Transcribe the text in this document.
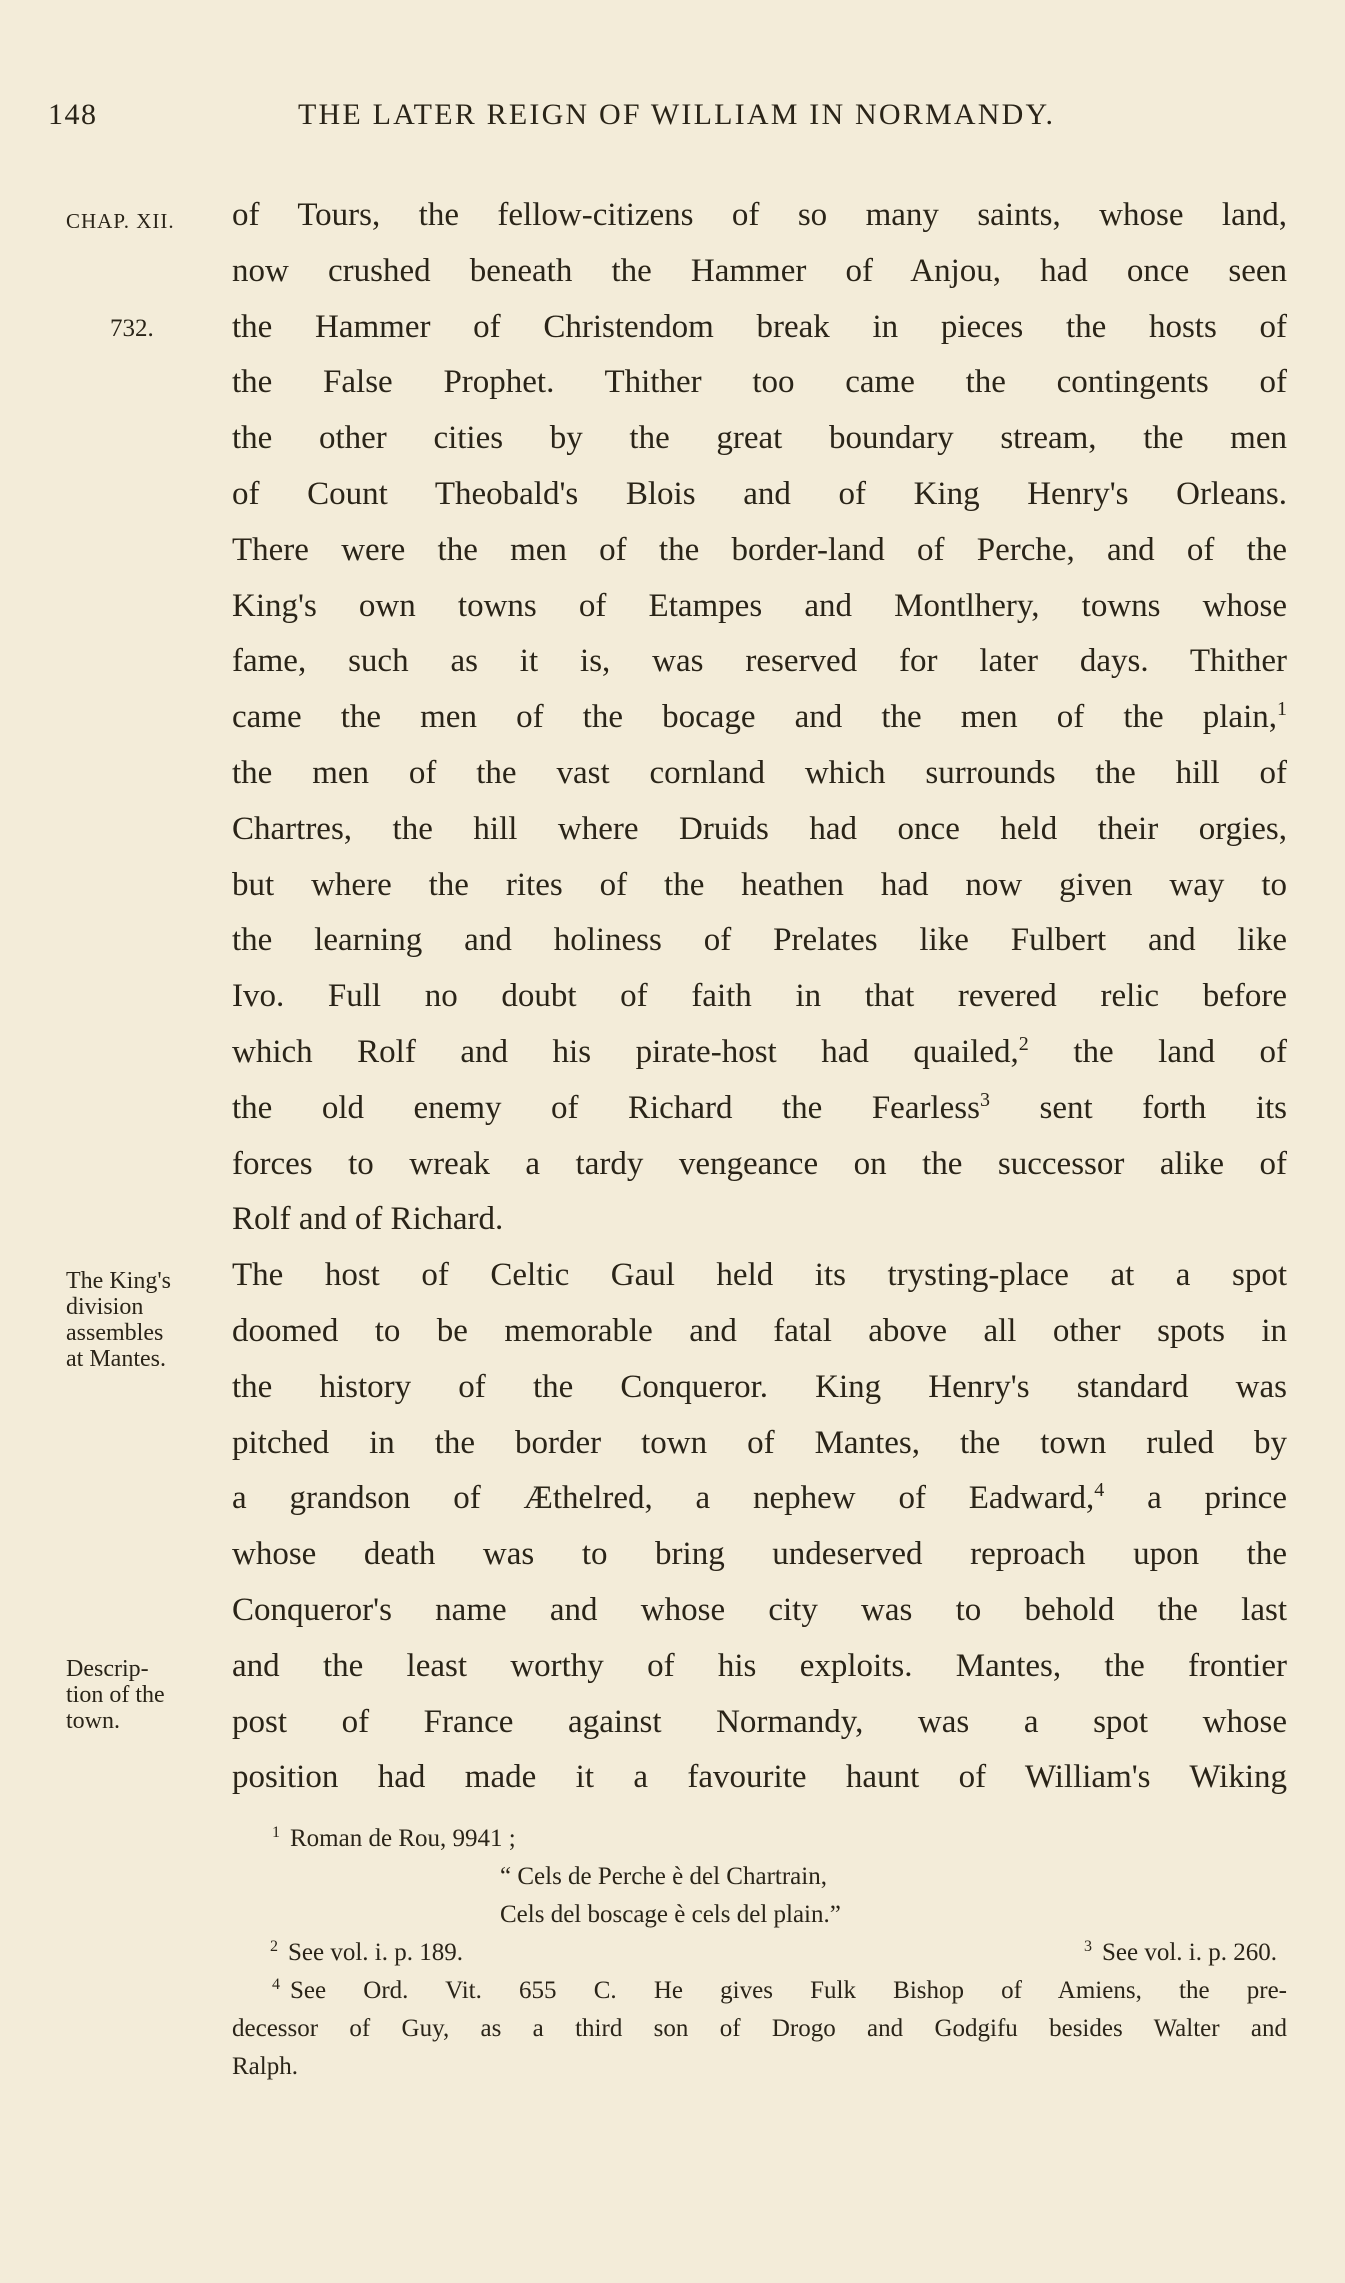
148	THE LATER REIGN OF WILLIAM IN NORMANDY.
CHAP. XII.
732.
The King's
division
assembles
at Mantes.
Descrip-
tion of the
town.
of Tours, the fellow-citizens of so many saints, whose land,
now crushed beneath the Hammer of Anjou, had once seen
the Hammer of Christendom break in pieces the hosts of
the False Prophet. Thither too came the contingents of
the other cities by the great boundary stream, the men
of Count Theobald's Blois and of King Henry's Orleans.
There were the men of the border-land of Perche, and of the
King's own towns of Etampes and Montlhery, towns whose
fame, such as it is, was reserved for later days. Thither
came the men of the bocage and the men of the plain,$^1$
the men of the vast cornland which surrounds the hill of
Chartres, the hill where Druids had once held their orgies,
but where the rites of the heathen had now given way to
the learning and holiness of Prelates like Fulbert and like
Ivo. Full no doubt of faith in that revered relic before
which Rolf and his pirate-host had quailed,$^2$ the land of
the old enemy of Richard the Fearless$^3$ sent forth its
forces to wreak a tardy vengeance on the successor alike of
Rolf and of Richard.
The host of Celtic Gaul held its trysting-place at a spot
doomed to be memorable and fatal above all other spots in
the history of the Conqueror. King Henry's standard was
pitched in the border town of Mantes, the town ruled by
a grandson of Æthelred, a nephew of Eadward,$^4$ a prince
whose death was to bring undeserved reproach upon the
Conqueror's name and whose city was to behold the last
and the least worthy of his exploits. Mantes, the frontier
post of France against Normandy, was a spot whose
position had made it a favourite haunt of William's Wiking
$^1$ Roman de Rou, 9941 ;
“ Cels de Perche è del Chartrain,
Cels del boscage è cels del plain.”
$^2$ See vol. i. p. 189.	$^3$ See vol. i. p. 260.
$^4$ See Ord. Vit. 655 C. He gives Fulk Bishop of Amiens, the pre-
decessor of Guy, as a third son of Drogo and Godgifu besides Walter and
Ralph.
